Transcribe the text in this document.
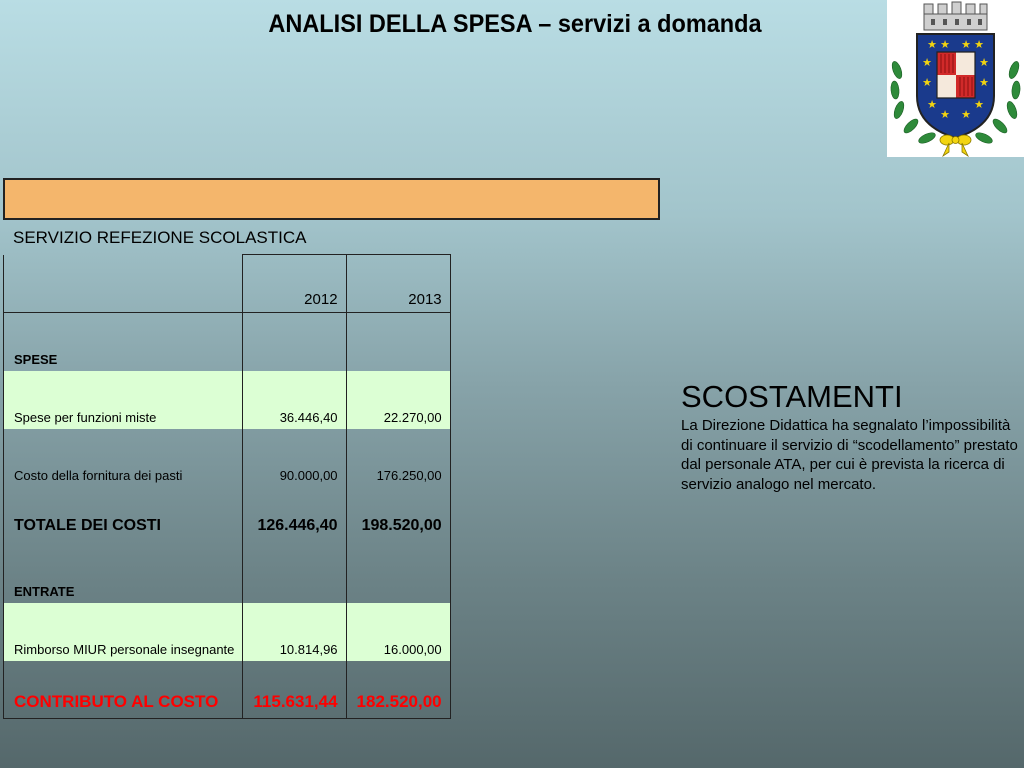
ANALISI DELLA SPESA – servizi a domanda
★ ★ ★ ★
★	★
★	★
★	★
★ ★
SERVIZIO REFEZIONE SCOLASTICA
	2012	2013
SPESE		
Spese per funzioni miste	36.446,40	22.270,00
Costo della fornitura dei pasti	90.000,00	176.250,00
TOTALE DEI COSTI	126.446,40	198.520,00
ENTRATE		
Rimborso MIUR personale insegnante	10.814,96	16.000,00
CONTRIBUTO AL COSTO	115.631,44	182.520,00
SCOSTAMENTI
La Direzione Didattica ha segnalato l’impossibilità di continuare il servizio di “scodellamento” prestato dal personale ATA, per cui è prevista la ricerca di servizio analogo nel mercato.
